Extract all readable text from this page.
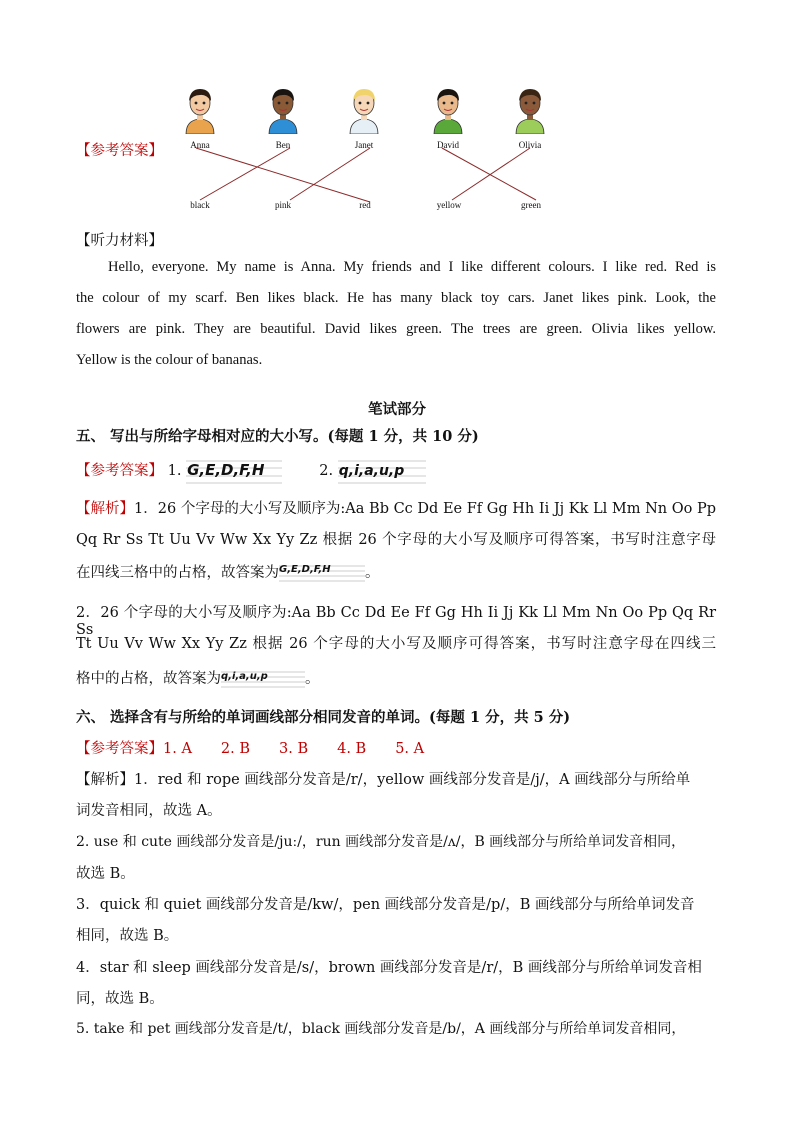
Anna	Ben	Janet	David	Olivia
black	pink	red	yellow	green
【参考答案】
【听力材料】
Hello, everyone. My name is Anna. My friends and I like different colours. I like red. Red is
the colour of my scarf. Ben likes black. He has many black toy cars. Janet likes pink. Look, the
flowers are pink. They are beautiful. David likes green. The trees are green. Olivia likes yellow.
Yellow is the colour of bananas.
笔试部分
五、 写出与所给字母相对应的大小写。(每题 1 分，共 10 分)
【参考答案】 1. G,E,D,F,H	2. q,i,a,u,p
【解析】1．26 个字母的大小写及顺序为:Aa Bb Cc Dd Ee Ff Gg Hh Ii Jj Kk Ll Mm Nn Oo Pp
Qq Rr Ss Tt Uu Vv Ww Xx Yy Zz 根据 26 个字母的大小写及顺序可得答案，书写时注意字母
在四线三格中的占格，故答案为 G,E,D,F,H 。
2．26 个字母的大小写及顺序为:Aa Bb Cc Dd Ee Ff Gg Hh Ii Jj Kk Ll Mm Nn Oo Pp Qq Rr Ss
Tt Uu Vv Ww Xx Yy Zz 根据 26 个字母的大小写及顺序可得答案，书写时注意字母在四线三
格中的占格，故答案为 q,i,a,u,p	。
六、 选择含有与所给的单词画线部分相同发音的单词。(每题 1 分，共 5 分)
【参考答案】1. A　　2. B　　3. B　　4. B　　5. A
【解析】1．red 和 rope 画线部分发音是/r/，yellow 画线部分发音是/j/，A 画线部分与所给单
词发音相同，故选 A。
2. use 和 cute 画线部分发音是/juː/，run 画线部分发音是/ʌ/，B 画线部分与所给单词发音相同，
故选 B。
3．quick 和 quiet 画线部分发音是/kw/，pen 画线部分发音是/p/，B 画线部分与所给单词发音
相同，故选 B。
4．star 和 sleep 画线部分发音是/s/，brown 画线部分发音是/r/，B 画线部分与所给单词发音相
同，故选 B。
5. take 和 pet 画线部分发音是/t/，black 画线部分发音是/b/，A 画线部分与所给单词发音相同，
